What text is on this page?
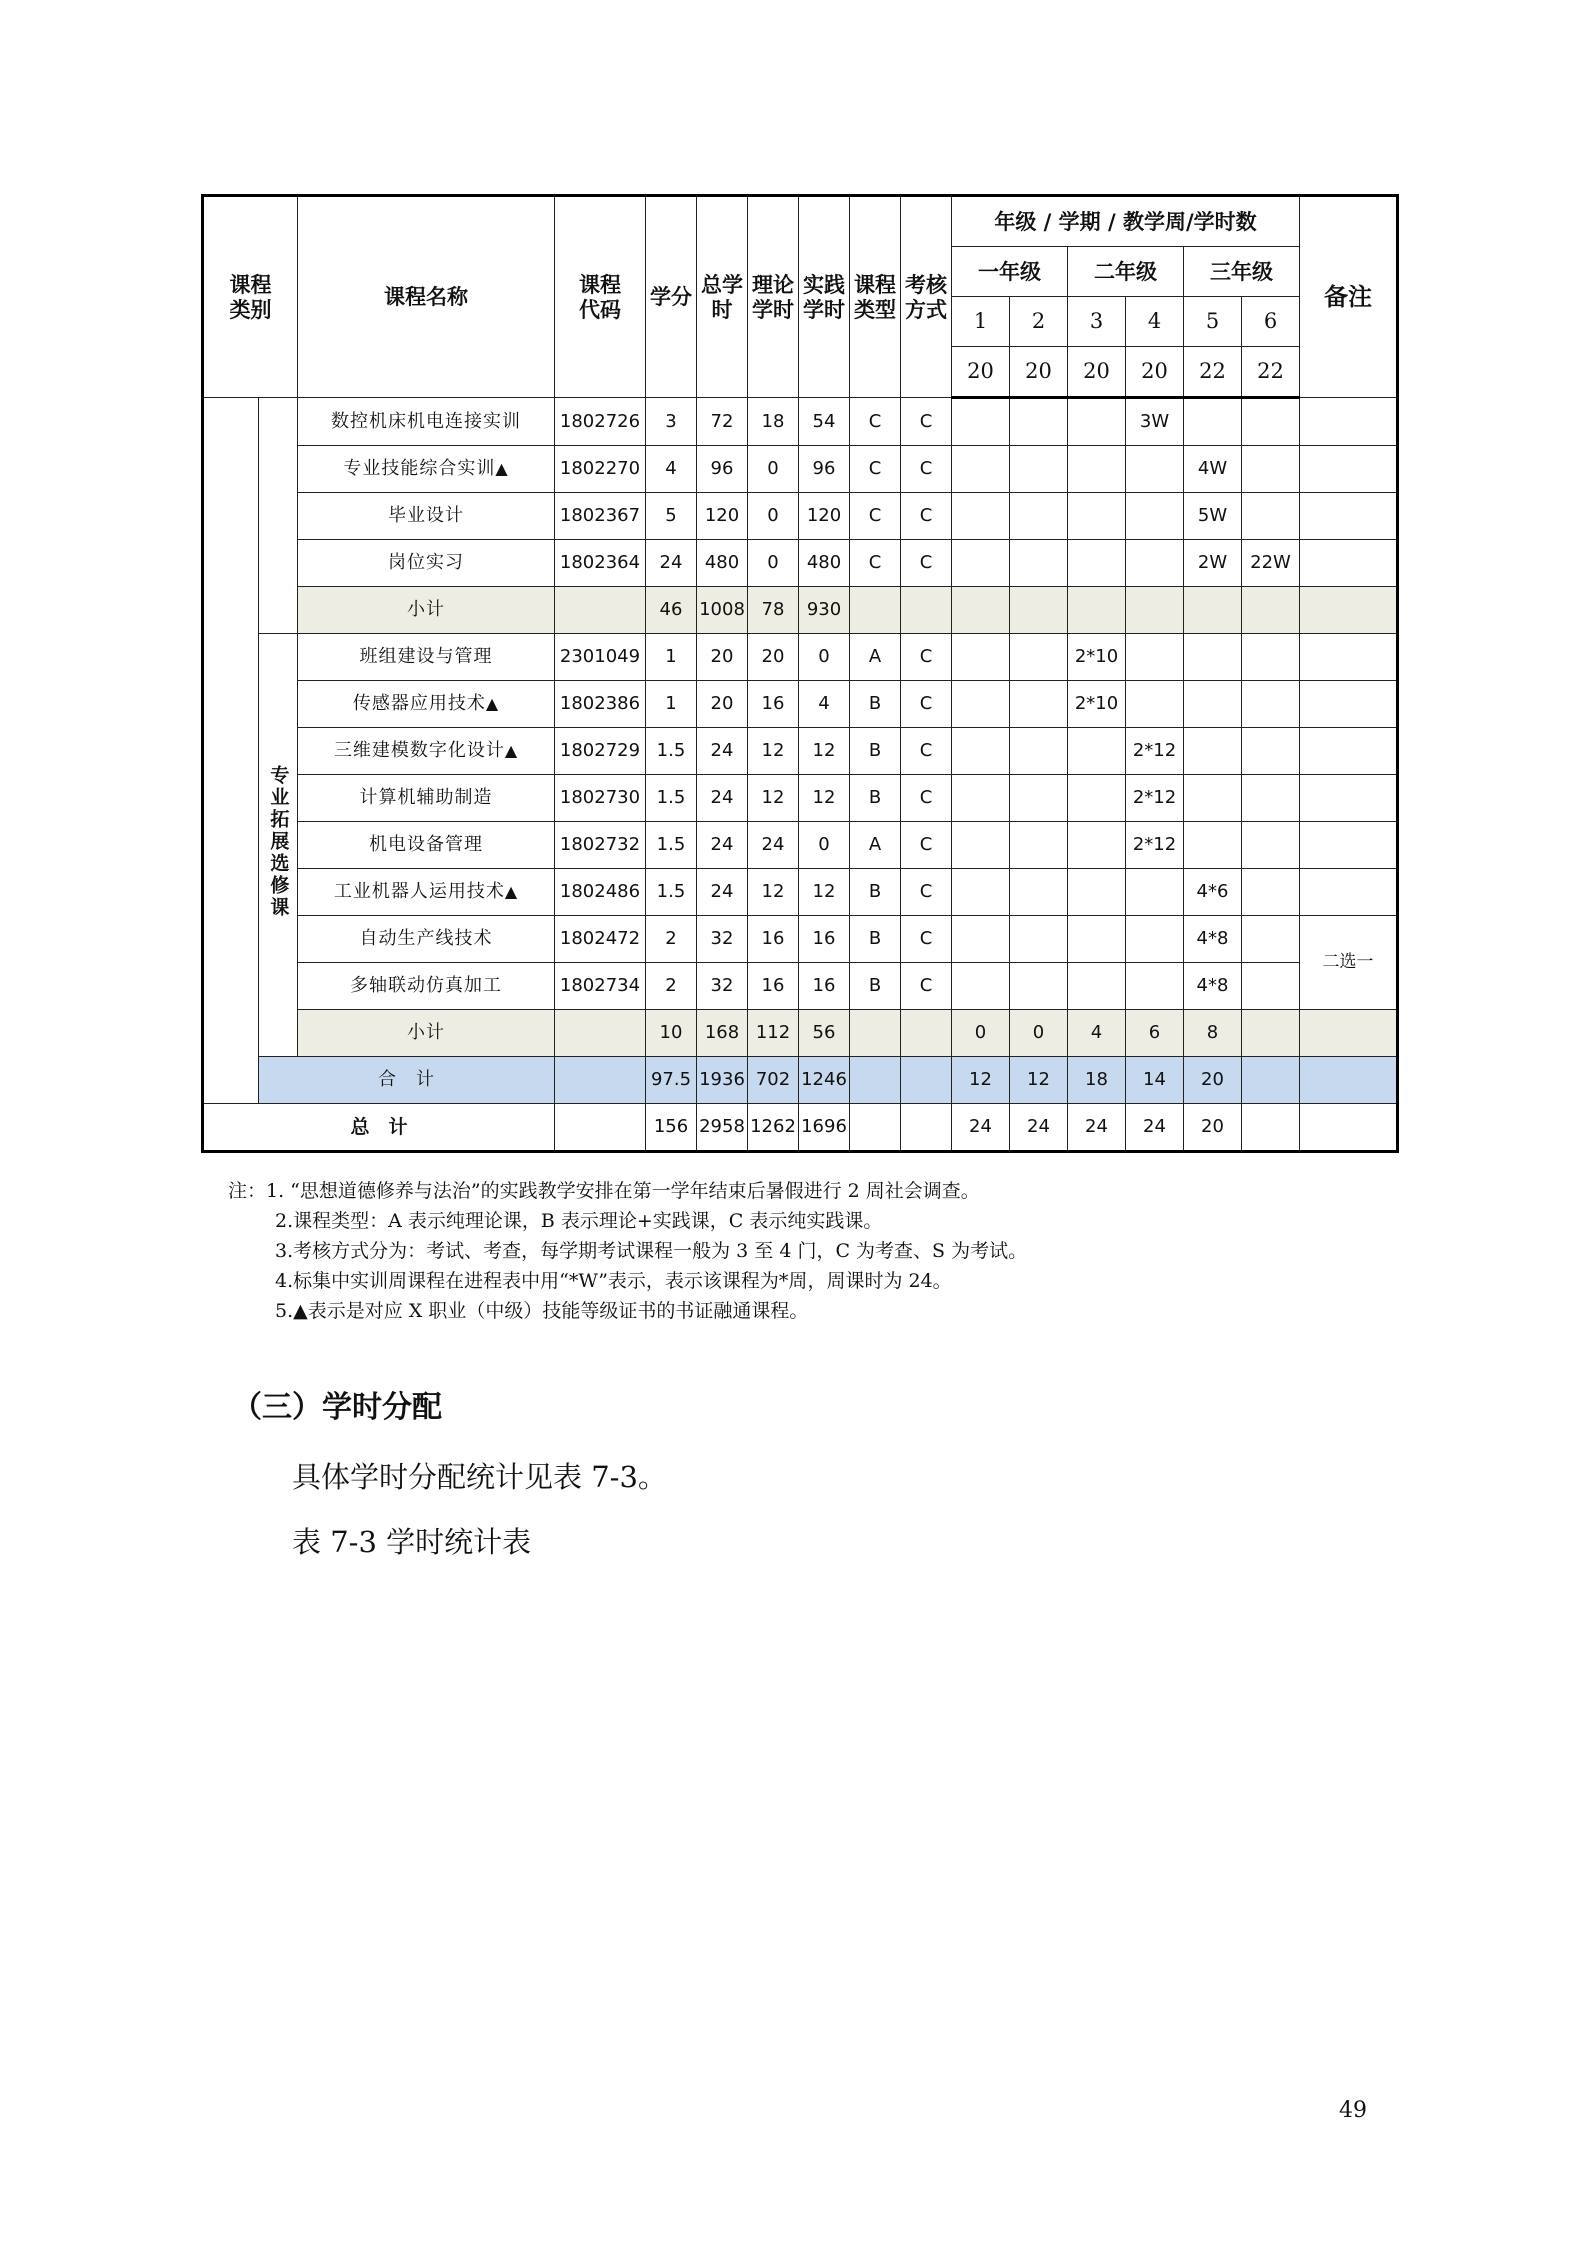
课程类别		课程名称	课程代码	学分	总学时	理论学时	实践学时	课程类型	考核方式	年级 / 学期 / 教学周/学时数						备注
										一年级		二年级		三年级		
										1	2	3	4	5	6	
										20	20	20	20	22	22	
		数控机床机电连接实训	1802726	3	72	18	54	C	C				3W			
		专业技能综合实训▲	1802270	4	96	0	96	C	C					4W		
		毕业设计	1802367	5	120	0	120	C	C					5W		
		岗位实习	1802364	24	480	0	480	C	C					2W	22W	
		小计		46	1008	78	930									
	专业拓展选修课	班组建设与管理	2301049	1	20	20	0	A	C			2*10				
		传感器应用技术▲	1802386	1	20	16	4	B	C			2*10				
		三维建模数字化设计▲	1802729	1.5	24	12	12	B	C				2*12			
		计算机辅助制造	1802730	1.5	24	12	12	B	C				2*12			
		机电设备管理	1802732	1.5	24	24	0	A	C				2*12			
		工业机器人运用技术▲	1802486	1.5	24	12	12	B	C					4*6		
		自动生产线技术	1802472	2	32	16	16	B	C					4*8		二选一
		多轴联动仿真加工	1802734	2	32	16	16	B	C					4*8		
		小计		10	168	112	56			0	0	4	6	8		
	合　计			97.5	1936	702	1246			12	12	18	14	20		
总　计				156	2958	1262	1696			24	24	24	24	20		
注：1. “思想道德修养与法治”的实践教学安排在第一学年结束后暑假进行 2 周社会调查。
2.课程类型：A 表示纯理论课，B 表示理论+实践课，C 表示纯实践课。
3.考核方式分为：考试、考查，每学期考试课程一般为 3 至 4 门，C 为考查、S 为考试。
4.标集中实训周课程在进程表中用“*W”表示，表示该课程为*周，周课时为 24。
5.▲表示是对应 X 职业（中级）技能等级证书的书证融通课程。
（三）学时分配
具体学时分配统计见表 7-3。
表 7-3 学时统计表
49
